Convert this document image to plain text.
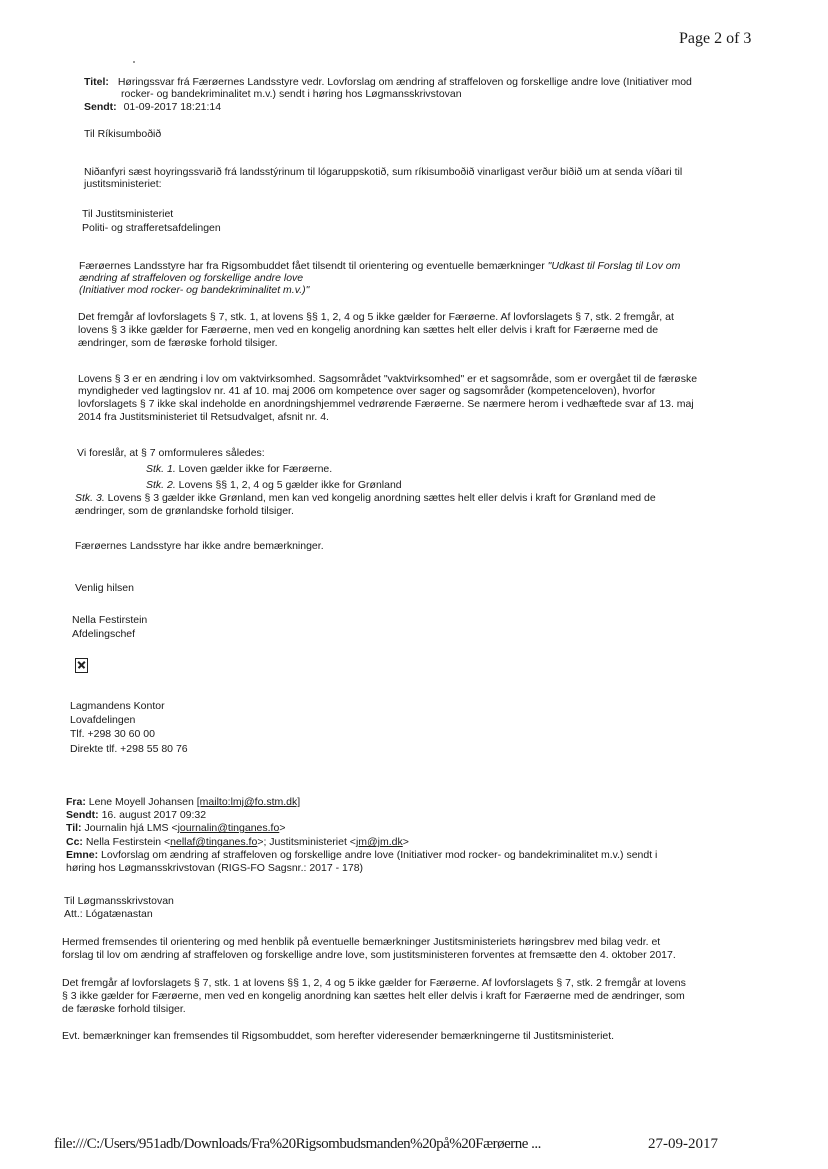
Page 2 of 3
Titel: Høringssvar frá Færøernes Landsstyre vedr. Lovforslag om ændring af straffeloven og forskellige andre love (Initiativer mod
rocker- og bandekriminalitet m.v.) sendt i høring hos Løgmansskrivstovan
Sendt: 01-09-2017 18:21:14
Til Ríkisumboðið
Niðanfyri sæst hoyringssvarið frá landsstýrinum til lógaruppskotið, sum ríkisumboðið vinarligast verður biðið um at senda víðari til
justitsministeriet:
Til Justitsministeriet
Politi- og strafferetsafdelingen
Færøernes Landsstyre har fra Rigsombuddet fået tilsendt til orientering og eventuelle bemærkninger "Udkast til Forslag til Lov om
ændring af straffeloven og forskellige andre love
(Initiativer mod rocker- og bandekriminalitet m.v.)"
Det fremgår af lovforslagets § 7, stk. 1, at lovens §§ 1, 2, 4 og 5 ikke gælder for Færøerne. Af lovforslagets § 7, stk. 2 fremgår, at
lovens § 3 ikke gælder for Færøerne, men ved en kongelig anordning kan sættes helt eller delvis i kraft for Færøerne med de
ændringer, som de færøske forhold tilsiger.
Lovens § 3 er en ændring i lov om vaktvirksomhed. Sagsområdet "vaktvirksomhed" er et sagsområde, som er overgået til de færøske
myndigheder ved lagtingslov nr. 41 af 10. maj 2006 om kompetence over sager og sagsområder (kompetenceloven), hvorfor
lovforslagets § 7 ikke skal indeholde en anordningshjemmel vedrørende Færøerne. Se nærmere herom i vedhæftede svar af 13. maj
2014 fra Justitsministeriet til Retsudvalget, afsnit nr. 4.
Vi foreslår, at § 7 omformuleres således:
Stk. 1. Loven gælder ikke for Færøerne.
Stk. 2. Lovens §§ 1, 2, 4 og 5 gælder ikke for Grønland
Stk. 3. Lovens § 3 gælder ikke Grønland, men kan ved kongelig anordning sættes helt eller delvis i kraft for Grønland med de
ændringer, som de grønlandske forhold tilsiger.
Færøernes Landsstyre har ikke andre bemærkninger.
Venlig hilsen
Nella Festirstein
Afdelingschef
Lagmandens Kontor
Lovafdelingen
Tlf. +298 30 60 00
Direkte tlf. +298 55 80 76
Fra: Lene Moyell Johansen [mailto:lmj@fo.stm.dk]
Sendt: 16. august 2017 09:32
Til: Journalin hjá LMS <journalin@tinganes.fo>
Cc: Nella Festirstein <nellaf@tinganes.fo>; Justitsministeriet <jm@jm.dk>
Emne: Lovforslag om ændring af straffeloven og forskellige andre love (Initiativer mod rocker- og bandekriminalitet m.v.) sendt i
høring hos Løgmansskrivstovan (RIGS-FO Sagsnr.: 2017 - 178)
Til Løgmansskrivstovan
Att.: Lógatænastan
Hermed fremsendes til orientering og med henblik på eventuelle bemærkninger Justitsministeriets høringsbrev med bilag vedr. et
forslag til lov om ændring af straffeloven og forskellige andre love, som justitsministeren forventes at fremsætte den 4. oktober 2017.
Det fremgår af lovforslagets § 7, stk. 1 at lovens §§ 1, 2, 4 og 5 ikke gælder for Færøerne. Af lovforslagets § 7, stk. 2 fremgår at lovens
§ 3 ikke gælder for Færøerne, men ved en kongelig anordning kan sættes helt eller delvis i kraft for Færøerne med de ændringer, som
de færøske forhold tilsiger.
Evt. bemærkninger kan fremsendes til Rigsombuddet, som herefter videresender bemærkningerne til Justitsministeriet.
file:///C:/Users/951adb/Downloads/Fra%20Rigsombudsmanden%20på%20Færøerne ...	27-09-2017
